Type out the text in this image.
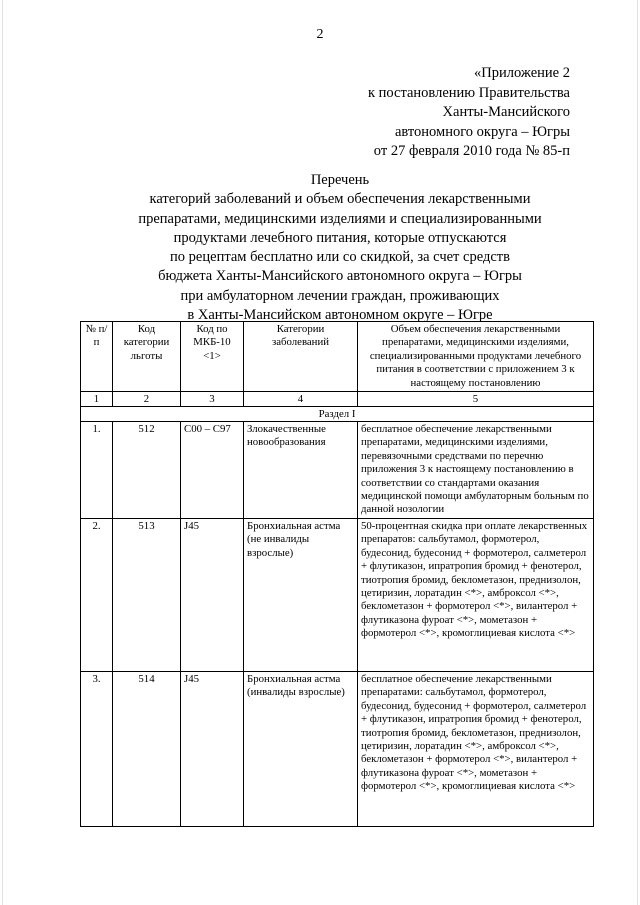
2
«Приложение 2
к постановлению Правительства
Ханты-Мансийского
автономного округа – Югры
от 27 февраля 2010 года № 85-п
Перечень
категорий заболеваний и объем обеспечения лекарственными
препаратами, медицинскими изделиями и специализированными
продуктами лечебного питания, которые отпускаются
по рецептам бесплатно или со скидкой, за счет средств
бюджета Ханты-Мансийского автономного округа – Югры
при амбулаторном лечении граждан, проживающих
в Ханты-Мансийском автономном округе – Югре
№ п/п	Код категории льготы	Код по МКБ-10 <1>	Категории заболеваний	Объем обеспечения лекарственными препаратами, медицинскими изделиями, специализированными продуктами лечебного питания в соответствии с приложением 3 к настоящему постановлению
1	2	3	4	5
Раздел I				
1.	512	C00 – C97	Злокачественные новообразования	бесплатное обеспечение лекарственными препаратами, медицинскими изделиями, перевязочными средствами по перечню приложения 3 к настоящему постановлению в соответствии со стандартами оказания медицинской помощи амбулаторным больным по данной нозологии
2.	513	J45	Бронхиальная астма (не инвалиды взрослые)	50-процентная скидка при оплате лекарственных препаратов: сальбутамол, формотерол, будесонид, будесонид + формотерол, салметерол + флутиказон, ипратропия бромид + фенотерол, тиотропия бромид, беклометазон, преднизолон, цетиризин, лоратадин <*>, амброксол <*>, беклометазон + формотерол <*>, вилантерол + флутиказона фуроат <*>, мометазон + формотерол <*>, кромоглициевая кислота <*>
3.	514	J45	Бронхиальная астма (инвалиды взрослые)	бесплатное обеспечение лекарственными препаратами: сальбутамол, формотерол, будесонид, будесонид + формотерол, салметерол + флутиказон, ипратропия бромид + фенотерол, тиотропия бромид, беклометазон, преднизолон, цетиризин, лоратадин <*>, амброксол <*>, беклометазон + формотерол <*>, вилантерол + флутиказона фуроат <*>, мометазон + формотерол <*>, кромоглициевая кислота <*>
